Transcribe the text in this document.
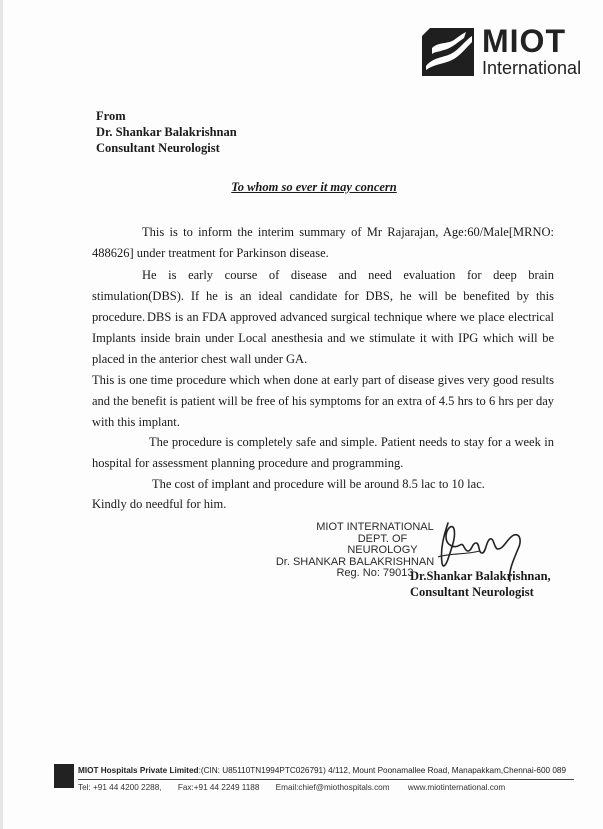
MIOT
International
From
Dr. Shankar Balakrishnan
Consultant Neurologist
To whom so ever it may concern
This is to inform the interim summary of Mr Rajarajan, Age:60/Male[MRNO: 488626] under treatment for Parkinson disease.
He is early course of disease and need evaluation for deep brain stimulation(DBS). If he is an ideal candidate for DBS, he will be benefited by this procedure. DBS is an FDA approved advanced surgical technique where we place electrical Implants inside brain under Local anesthesia and we stimulate it with IPG which will be placed in the anterior chest wall under GA.
This is one time procedure which when done at early part of disease gives very good results and the benefit is patient will be free of his symptoms for an extra of 4.5 hrs to 6 hrs per day with this implant.
The procedure is completely safe and simple. Patient needs to stay for a week in hospital for assessment planning procedure and programming.
The cost of implant and procedure will be around 8.5 lac to 10 lac.
Kindly do needful for him.
MIOT INTERNATIONAL
DEPT. OF NEUROLOGY
Dr. SHANKAR BALAKRISHNAN
Reg. No: 79013
Dr.Shankar Balakrishnan,
Consultant Neurologist
MIOT Hospitals Private Limited:(CIN: U85110TN1994PTC026791) 4/112, Mount Poonamallee Road, Manapakkam,Chennai-600 089
Tel: +91 44 4200 2288, Fax:+91 44 2249 1188 Email:chief@miothospitals.com www.miotinternational.com
